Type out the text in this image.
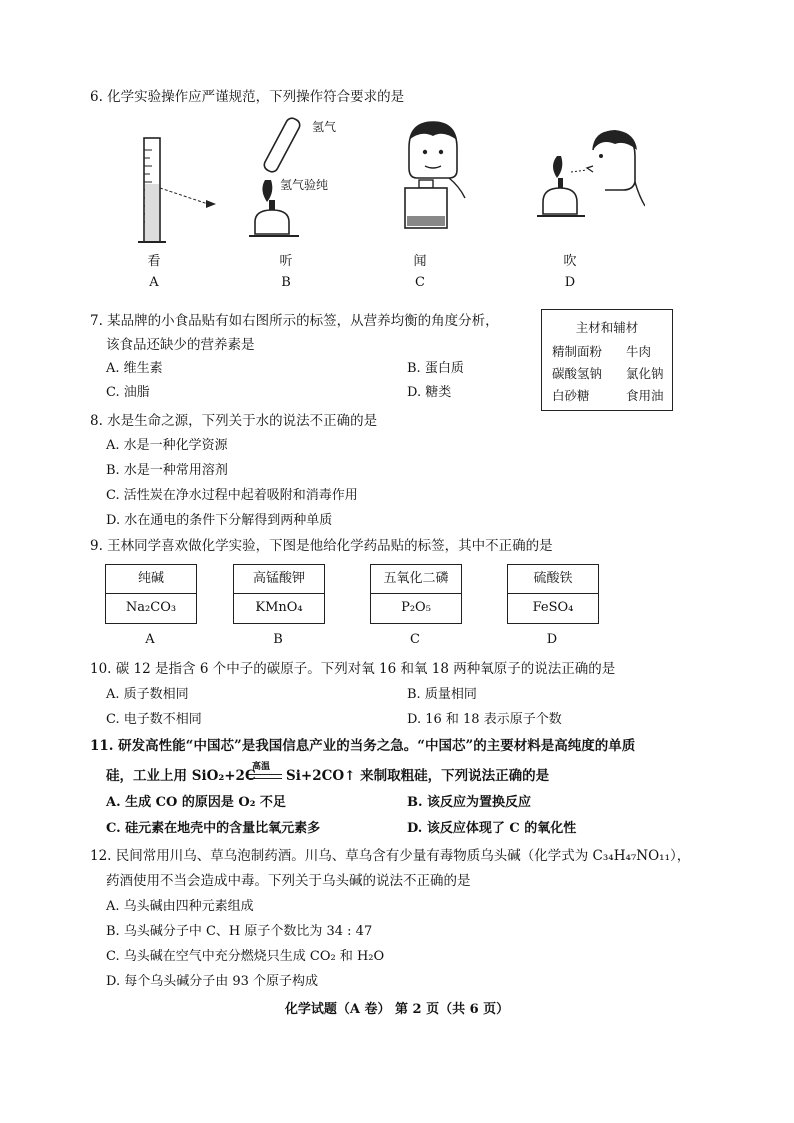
6. 化学实验操作应严谨规范，下列操作符合要求的是
看
A
氢气
氢气验纯
听
B
闻
C
吹
D
7. 某品牌的小食品贴有如右图所示的标签，从营养均衡的角度分析，
该食品还缺少的营养素是
A. 维生素	B. 蛋白质
C. 油脂	D. 糖类
主材和辅材
精制面粉 牛肉
碳酸氢钠 氯化钠
白砂糖	食用油
8. 水是生命之源，下列关于水的说法不正确的是
A. 水是一种化学资源
B. 水是一种常用溶剂
C. 活性炭在净水过程中起着吸附和消毒作用
D. 水在通电的条件下分解得到两种单质
9. 王林同学喜欢做化学实验，下图是他给化学药品贴的标签，其中不正确的是
纯碱
Na₂CO₃
A
高锰酸钾
KMnO₄
B
五氧化二磷
P₂O₅
C
硫酸铁
FeSO₄
D
10. 碳 12 是指含 6 个中子的碳原子。下列对氧 16 和氧 18 两种氧原子的说法正确的是
A. 质子数相同	B. 质量相同
C. 电子数不相同	D. 16 和 18 表示原子个数
11. 研发高性能“中国芯”是我国信息产业的当务之急。“中国芯”的主要材料是高纯度的单质
硅，工业上用 SiO₂+2C
高温
Si+2CO↑ 来制取粗硅，下列说法正确的是
A. 生成 CO 的原因是 O₂ 不足	B. 该反应为置换反应
C. 硅元素在地壳中的含量比氧元素多	D. 该反应体现了 C 的氧化性
12. 民间常用川乌、草乌泡制药酒。川乌、草乌含有少量有毒物质乌头碱（化学式为 C₃₄H₄₇NO₁₁），
药酒使用不当会造成中毒。下列关于乌头碱的说法不正确的是
A. 乌头碱由四种元素组成
B. 乌头碱分子中 C、H 原子个数比为 34 : 47
C. 乌头碱在空气中充分燃烧只生成 CO₂ 和 H₂O
D. 每个乌头碱分子由 93 个原子构成
化学试题（A 卷） 第 2 页（共 6 页）
